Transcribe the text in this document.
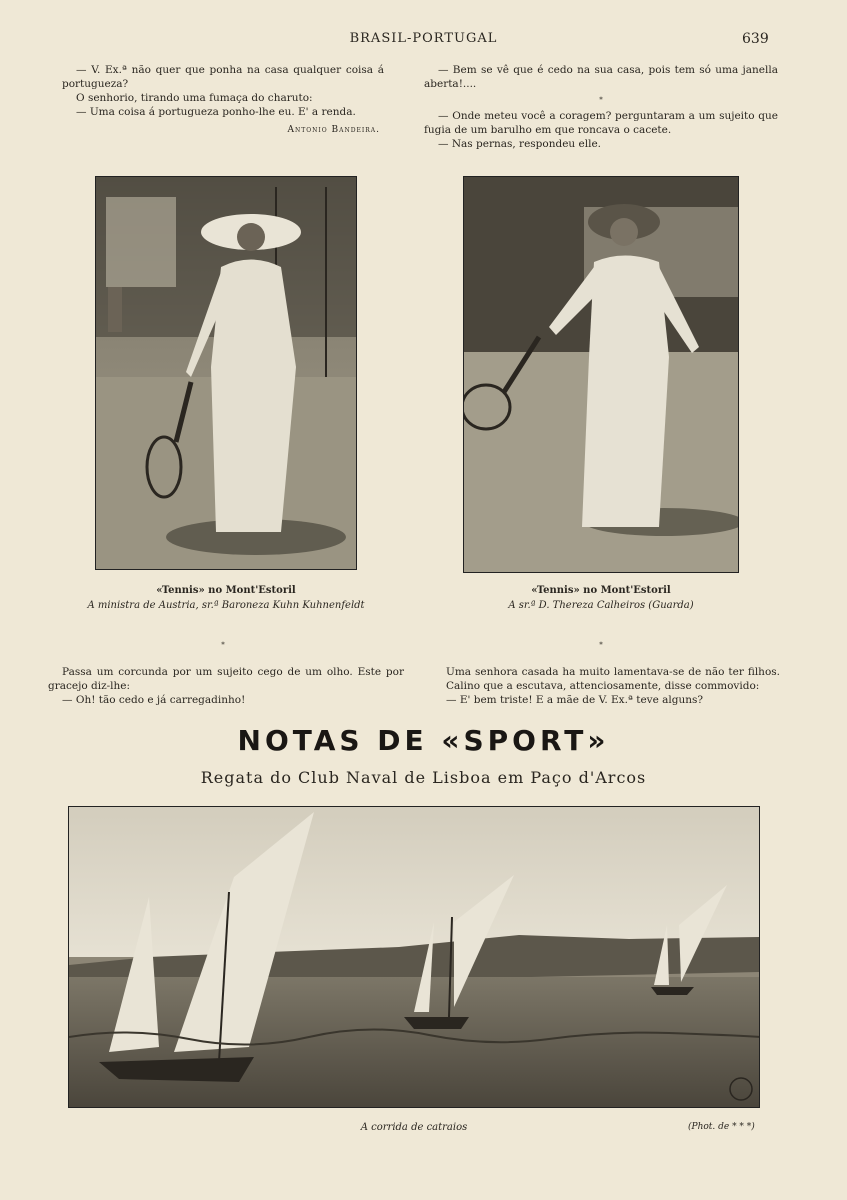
BRASIL-PORTUGAL	639

— V. Ex.ª não quer que ponha na casa qualquer coisa á portugueza?

O senhorio, tirando uma fumaça do charuto:

— Uma coisa á portugueza ponho-lhe eu. E' a renda.

Antonio Bandeira.

— Bem se vê que é cedo na sua casa, pois tem só uma janella aberta!....

*

— Onde meteu você a coragem? perguntaram a um sujeito que fugia de um barulho em que roncava o cacete.

— Nas pernas, respondeu elle.

«Tennis» no Mont'Estoril
A ministra de Austria, sr.ª Baroneza Kuhn Kuhnenfeldt
«Tennis» no Mont'Estoril
A sr.ª D. Thereza Calheiros (Guarda)
*

Passa um corcunda por um sujeito cego de um olho. Este por gracejo diz-lhe:

— Oh! tão cedo e já carregadinho!

*

Uma senhora casada ha muito lamentava-se de não ter filhos. Calino que a escutava, attenciosamente, disse commovido:

— E' bem triste! E a mãe de V. Ex.ª teve alguns?

NOTAS DE «SPORT»
Regata do Club Naval de Lisboa em Paço d'Arcos
A corrida de catraios	(Phot. de * * *)
